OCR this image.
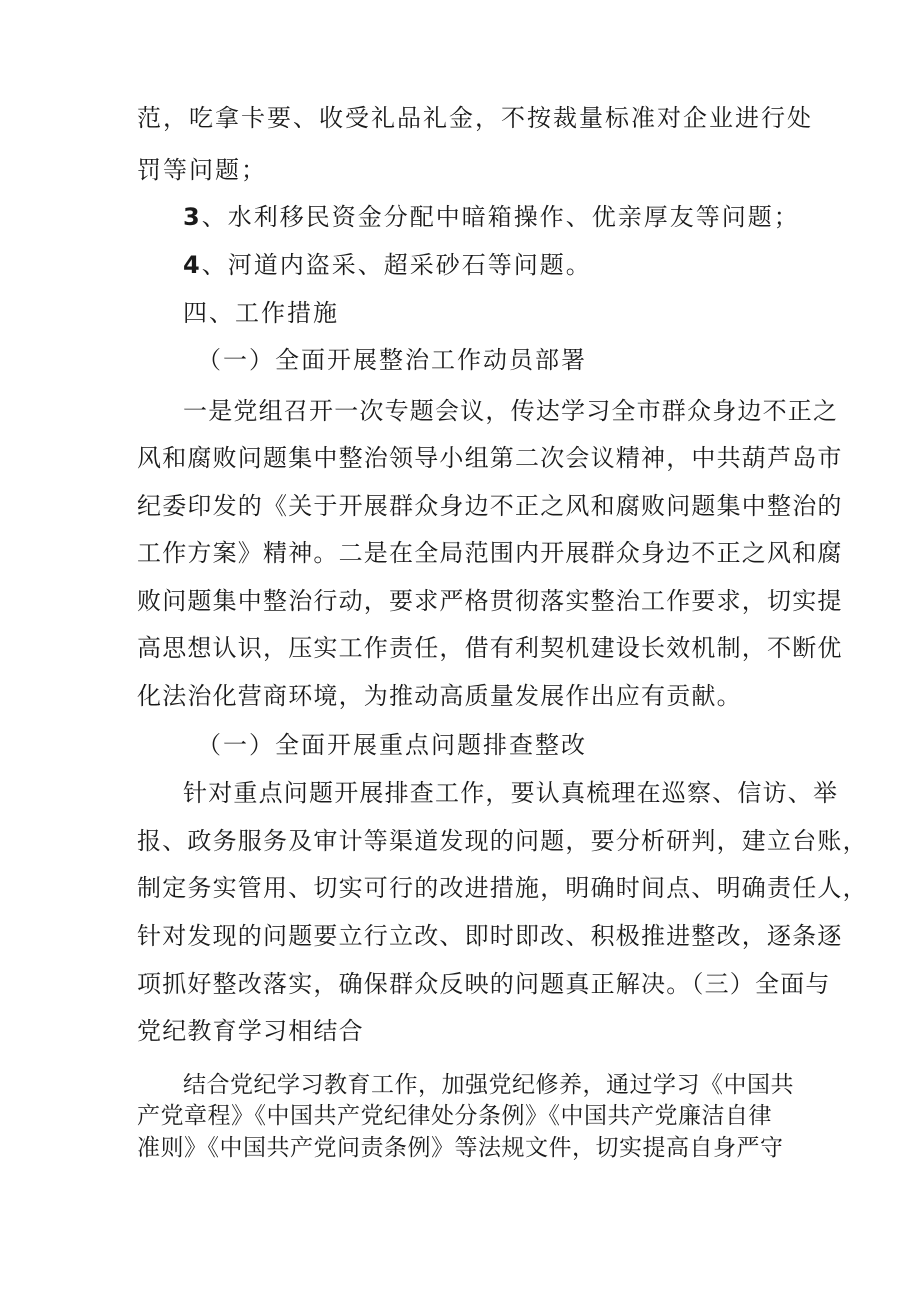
范，吃拿卡要、收受礼品礼金，不按裁量标准对企业进行处
罚等问题；
3、水利移民资金分配中暗箱操作、优亲厚友等问题；
4、河道内盗采、超采砂石等问题。
四、工作措施
（一）全面开展整治工作动员部署
一是党组召开一次专题会议，传达学习全市群众身边不正之
风和腐败问题集中整治领导小组第二次会议精神，中共葫芦岛市
纪委印发的《关于开展群众身边不正之风和腐败问题集中整治的
工作方案》精神。二是在全局范围内开展群众身边不正之风和腐
败问题集中整治行动，要求严格贯彻落实整治工作要求，切实提
高思想认识，压实工作责任，借有利契机建设长效机制，不断优
化法治化营商环境，为推动高质量发展作出应有贡献。
（一）全面开展重点问题排查整改
针对重点问题开展排查工作，要认真梳理在巡察、信访、举
报、政务服务及审计等渠道发现的问题，要分析研判，建立台账，
制定务实管用、切实可行的改进措施，明确时间点、明确责任人，
针对发现的问题要立行立改、即时即改、积极推进整改，逐条逐
项抓好整改落实，确保群众反映的问题真正解决。（三）全面与
党纪教育学习相结合
结合党纪学习教育工作，加强党纪修养，通过学习《中国共
产党章程》《中国共产党纪律处分条例》《中国共产党廉洁自律
准则》《中国共产党问责条例》等法规文件，切实提高自身严守
